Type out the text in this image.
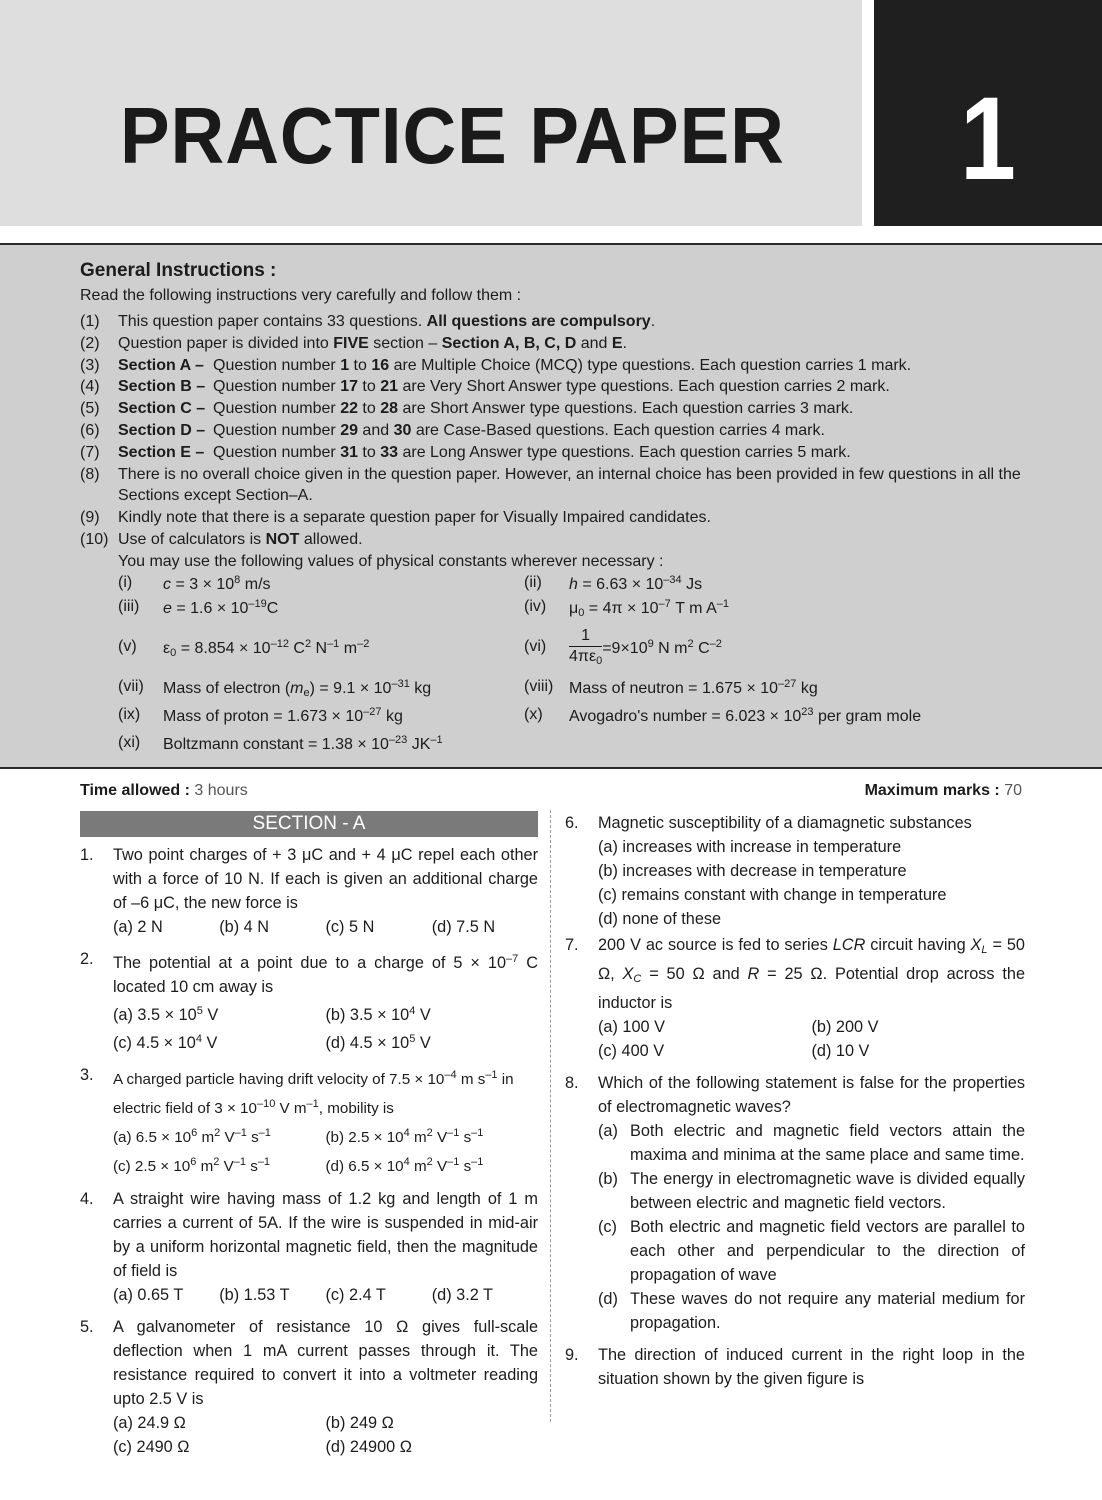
PRACTICE PAPER	1
General Instructions :
Read the following instructions very carefully and follow them :
(1)	This question paper contains 33 questions. All questions are compulsory.
(2)	Question paper is divided into FIVE section – Section A, B, C, D and E.
(3)	Section A – Question number 1 to 16 are Multiple Choice (MCQ) type questions. Each question carries 1 mark.
(4)	Section B – Question number 17 to 21 are Very Short Answer type questions. Each question carries 2 mark.
(5)	Section C – Question number 22 to 28 are Short Answer type questions. Each question carries 3 mark.
(6)	Section D – Question number 29 and 30 are Case-Based questions. Each question carries 4 mark.
(7)	Section E – Question number 31 to 33 are Long Answer type questions. Each question carries 5 mark.
(8)	There is no overall choice given in the question paper. However, an internal choice has been provided in few questions in all the Sections except Section–A.
(9)	Kindly note that there is a separate question paper for Visually Impaired candidates.
(10) Use of calculators is NOT allowed.
You may use the following values of physical constants wherever necessary :
(i)	$c = 3 \times 10^8$ m/s	(ii)	$h = 6.63 \times 10^{-34}$ Js
(iii)	$e = 1.6 \times 10^{-19}C$	(iv)	$\mu_0 = 4\pi \times 10^{-7}$ T m $A^{-1}$
(v)	$\varepsilon_0 = 8.854 \times 10^{-12}$ $C^2$ $N^{-1}$ $m^{-2}$	(vi)	$\frac{1}{4\pi\varepsilon_0} =9\times 10^9$ N $m^2$ $C^{-2}$
(vii)	Mass of electron $(m_e) = 9.1 \times 10^{-31}$ kg	(viii) Mass of neutron = $1.675 \times 10^{-27}$ kg
(ix)	Mass of proton = $1.673 \times 10^{-27}$ kg	(x)	Avogadro's number = $6.023 \times 10^{23}$ per gram mole
(xi)	Boltzmann constant = $1.38 \times 10^{-23}$ $JK^{-1}$
Time allowed : 3 hours	Maximum marks : 70
SECTION - A
1.	Two point charges of + 3 μC and + 4 μC repel each other with a force of 10 N. If each is given an additional charge of –6 μC, the new force is
(a) 2 N	(b) 4 N	(c) 5 N	(d) 7.5 N
2.	The potential at a point due to a charge of $5 \times 10^{-7}$ C located 10 cm away is
(a) $3.5 \times 10^5$ V	(b) $3.5 \times 10^4$ V
(c) $4.5 \times 10^4$ V	(d) $4.5 \times 10^5$ V
3.	A charged particle having drift velocity of $7.5 \times 10^{-4}$ m $s^{-1}$ in electric field of $3 \times 10^{-10}$ V $m^{-1}$, mobility is
(a) $6.5 \times 10^6$ $m^2$ $V^{-1}$ $s^{-1}$	(b) $2.5 \times 10^4$ $m^2$ $V^{-1}$ $s^{-1}$
(c) $2.5 \times 10^6$ $m^2$ $V^{-1}$ $s^{-1}$	(d) $6.5 \times 10^4$ $m^2$ $V^{-1}$ $s^{-1}$
4.	A straight wire having mass of 1.2 kg and length of 1 m carries a current of 5A. If the wire is suspended in mid-air by a uniform horizontal magnetic field, then the magnitude of field is
(a) 0.65 T	(b) 1.53 T	(c) 2.4 T	(d) 3.2 T
5.	A galvanometer of resistance 10 Ω gives full-scale deflection when 1 mA current passes through it. The resistance required to convert it into a voltmeter reading upto 2.5 V is
(a) 24.9 Ω	(b) 249 Ω
(c) 2490 Ω	(d) 24900 Ω
6.	Magnetic susceptibility of a diamagnetic substances
(a) increases with increase in temperature
(b) increases with decrease in temperature
(c) remains constant with change in temperature
(d) none of these
7.	200 V ac source is fed to series LCR circuit having $X_L = 50$ Ω, $X_C = 50$ Ω and R = 25 Ω. Potential drop across the inductor is
(a) 100 V	(b) 200 V
(c) 400 V	(d) 10 V
8.	Which of the following statement is false for the properties of electromagnetic waves?
(a) Both electric and magnetic field vectors attain the maxima and minima at the same place and same time.
(b) The energy in electromagnetic wave is divided equally between electric and magnetic field vectors.
(c) Both electric and magnetic field vectors are parallel to each other and perpendicular to the direction of propagation of wave
(d) These waves do not require any material medium for propagation.
9.	The direction of induced current in the right loop in the situation shown by the given figure is
